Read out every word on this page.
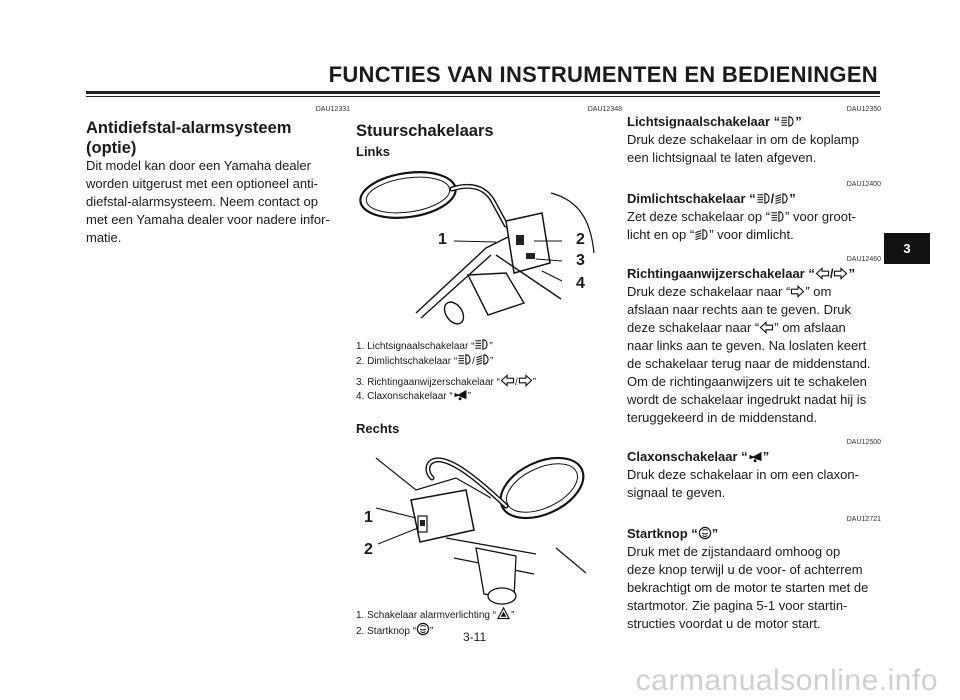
FUNCTIES VAN INSTRUMENTEN EN BEDIENINGEN
DAU12331
Antidiefstal-alarmsysteem
(optie)
Dit model kan door een Yamaha dealer
worden uitgerust met een optioneel anti-
diefstal-alarmsysteem. Neem contact op
met een Yamaha dealer voor nadere infor-
matie.
DAU12348
Stuurschakelaars
Links
1	2
3
4
1. Lichtsignaalschakelaar “ ”
2. Dimlichtschakelaar “ / ”
3. Richtingaanwijzerschakelaar “ / ”
4. Claxonschakelaar “ ”
Rechts
1
2
1. Schakelaar alarmverlichting “ ”
2. Startknop “ ”	3-11
DAU12350
Lichtsignaalschakelaar “ ”
Druk deze schakelaar in om de koplamp
een lichtsignaal te laten afgeven.
DAU12400
Dimlichtschakelaar “ / ”
Zet deze schakelaar op “ ” voor groot-
licht en op “ ” voor dimlicht.
DAU12460
Richtingaanwijzerschakelaar “ / ”
Druk deze schakelaar naar “ ” om
afslaan naar rechts aan te geven. Druk
deze schakelaar naar “ ” om afslaan
naar links aan te geven. Na loslaten keert
de schakelaar terug naar de middenstand.
Om de richtingaanwijzers uit te schakelen
wordt de schakelaar ingedrukt nadat hij is
teruggekeerd in de middenstand.
DAU12500
Claxonschakelaar “ ”
Druk deze schakelaar in om een claxon-
signaal te geven.
DAU12721
Startknop “ ”
Druk met de zijstandaard omhoog op
deze knop terwijl u de voor- of achterrem
bekrachtigt om de motor te starten met de
startmotor. Zie pagina 5-1 voor startin-
structies voordat u de motor start.
3
carmanualsonline.info
